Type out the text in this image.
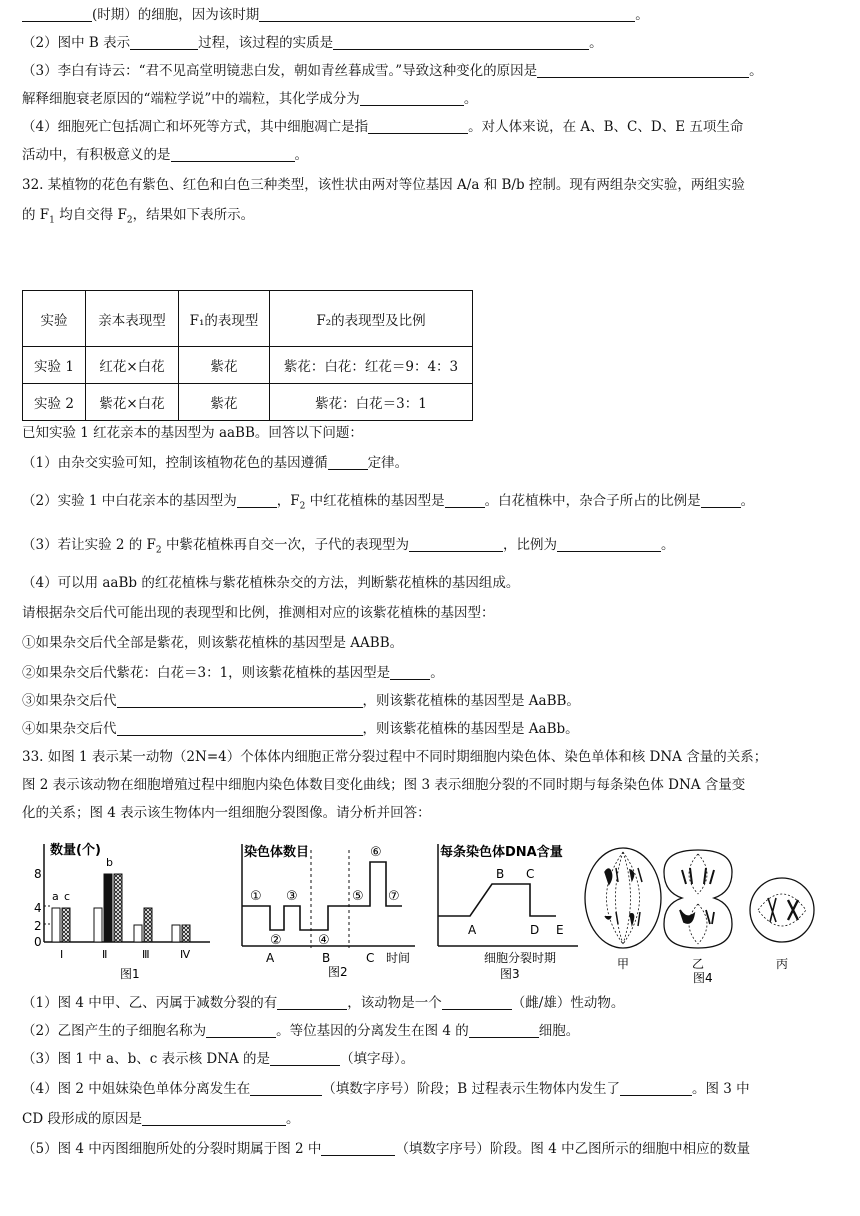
(时期）的细胞，因为该时期	。
（2）图中 B 表示	过程，该过程的实质是	。
（3）李白有诗云：“君不见高堂明镜悲白发，朝如青丝暮成雪。”导致这种变化的原因是	。
解释细胞衰老原因的“端粒学说”中的端粒，其化学成分为	。
（4）细胞死亡包括凋亡和坏死等方式，其中细胞凋亡是指	。对人体来说，在 A、B、C、D、E 五项生命
活动中，有积极意义的是	。
32. 某植物的花色有紫色、红色和白色三种类型，该性状由两对等位基因 A/a 和 B/b 控制。现有两组杂交实验，两组实验
的 $F_1$ 均自交得 $F_2$，结果如下表所示。
实验	亲本表现型	F₁的表现型	F₂的表现型及比例
实验 1	红花×白花	紫花	紫花：白花：红花＝9：4：3
实验 2	紫花×白花	紫花	紫花：白花＝3：1
已知实验 1 红花亲本的基因型为 aaBB。回答以下问题：
（1）由杂交实验可知，控制该植物花色的基因遵循	定律。
（2）实验 1 中白花亲本的基因型为	，$F_2$ 中红花植株的基因型是	。白花植株中，杂合子所占的比例是	。
（3）若让实验 2 的 $F_2$ 中紫花植株再自交一次，子代的表现型为	，比例为	。
（4）可以用 aaBb 的红花植株与紫花植株杂交的方法，判断紫花植株的基因组成。
请根据杂交后代可能出现的表现型和比例，推测相对应的该紫花植株的基因型：
①如果杂交后代全部是紫花，则该紫花植株的基因型是 AABB。
②如果杂交后代紫花：白花＝3：1，则该紫花植株的基因型是	。
③如果杂交后代	，则该紫花植株的基因型是 AaBB。
④如果杂交后代	，则该紫花植株的基因型是 AaBb。
33. 如图 1 表示某一动物（2N=4）个体体内细胞正常分裂过程中不同时期细胞内染色体、染色单体和核 DNA 含量的关系；
图 2 表示该动物在细胞增殖过程中细胞内染色体数目变化曲线；图 3 表示细胞分裂的不同时期与每条染色体 DNA 含量变
化的关系；图 4 表示该生物体内一组细胞分裂图像。请分析并回答：
数量(个)
8
4
2
0
a
b
c
Ⅰ	Ⅱ	Ⅲ	Ⅳ
图1
染色体数目
①
②
③
④
⑤
⑥
⑦
A	B	C 时间
图2
每条染色体DNA含量
A
B C
D E
细胞分裂时期
图3
甲	乙	丙
图4
（1）图 4 中甲、乙、丙属于减数分裂的有	，该动物是一个	（雌/雄）性动物。
（2）乙图产生的子细胞名称为	。等位基因的分离发生在图 4 的	细胞。
（3）图 1 中 a、b、c 表示核 DNA 的是	（填字母）。
（4）图 2 中姐妹染色单体分离发生在	（填数字序号）阶段；B 过程表示生物体内发生了	。图 3 中
CD 段形成的原因是	。
（5）图 4 中丙图细胞所处的分裂时期属于图 2 中	（填数字序号）阶段。图 4 中乙图所示的细胞中相应的数量
